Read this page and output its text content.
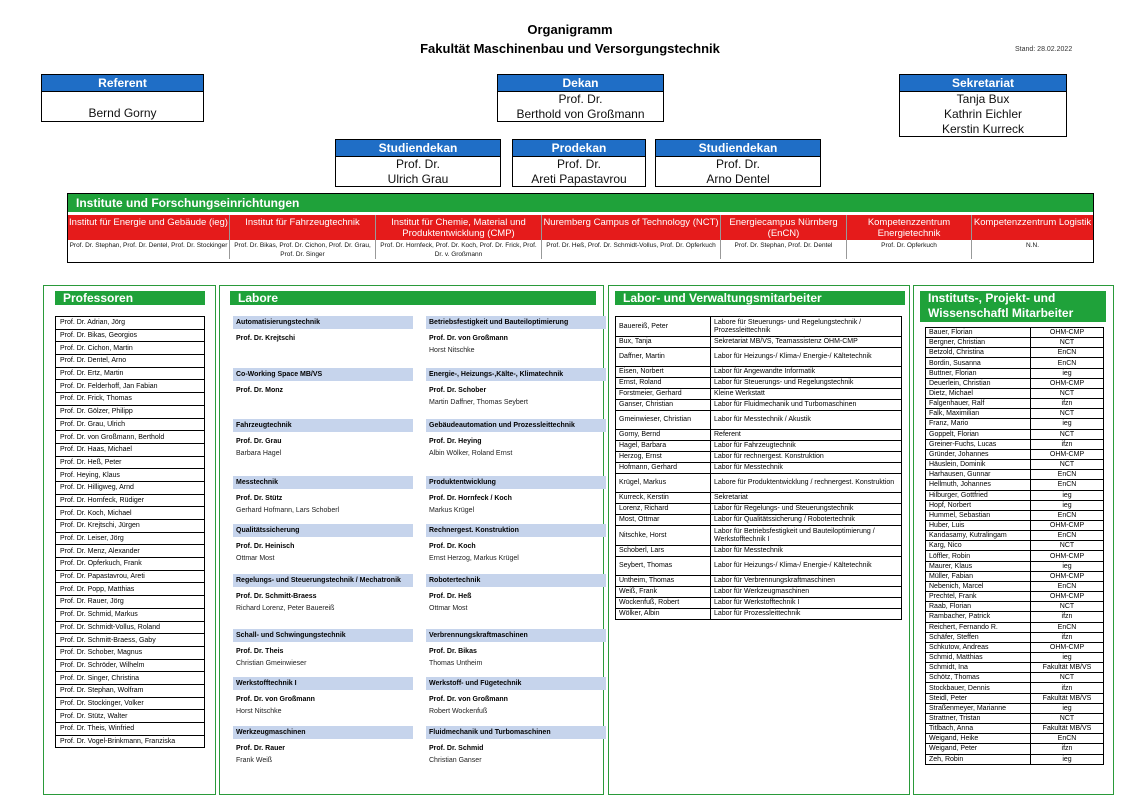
Organigramm
Fakultät Maschinenbau und Versorgungstechnik	Stand: 28.02.2022
Referent
Bernd Gorny
Dekan
Prof. Dr.
Berthold von Großmann
Sekretariat
Tanja Bux
Kathrin Eichler
Kerstin Kurreck
Studiendekan
Prof. Dr.
Ulrich Grau
Prodekan
Prof. Dr.
Areti Papastavrou
Studiendekan
Prof. Dr.
Arno Dentel
Institute und Forschungseinrichtungen
Institut für Energie und Gebäude (ieg)
Prof. Dr. Stephan, Prof. Dr. Dentel, Prof. Dr. Stockinger
Institut für Fahrzeugtechnik
Prof. Dr. Bikas, Prof. Dr. Cichon, Prof. Dr. Grau, Prof. Dr. Singer
Institut für Chemie, Material und Produktentwicklung (CMP)
Prof. Dr. Hornfeck, Prof. Dr. Koch, Prof. Dr. Frick, Prof. Dr. v. Großmann
Nuremberg Campus of Technology (NCT)
Prof. Dr. Heß, Prof. Dr. Schmidt-Vollus, Prof. Dr. Opferkuch
Energiecampus Nürnberg (EnCN)
Prof. Dr. Stephan, Prof. Dr. Dentel
Kompetenzzentrum Energietechnik
Prof. Dr. Opferkuch
Kompetenzzentrum Logistik
N.N.
Professoren
Prof. Dr. Adrian, Jörg
Prof. Dr. Bikas, Georgios
Prof. Dr. Cichon, Martin
Prof. Dr. Dentel, Arno
Prof. Dr. Ertz, Martin
Prof. Dr. Felderhoff, Jan Fabian
Prof. Dr. Frick, Thomas
Prof. Dr. Gölzer, Philipp
Prof. Dr. Grau, Ulrich
Prof. Dr. von Großmann, Berthold
Prof. Dr. Haas, Michael
Prof. Dr. Heß, Peter
Prof. Heying, Klaus
Prof. Dr. Hilligweg, Arnd
Prof. Dr. Hornfeck, Rüdiger
Prof. Dr. Koch, Michael
Prof. Dr. Krejtschi, Jürgen
Prof. Dr. Leiser, Jörg
Prof. Dr. Menz, Alexander
Prof. Dr. Opferkuch, Frank
Prof. Dr. Papastavrou, Areti
Prof. Dr. Popp, Matthias
Prof. Dr. Rauer, Jörg
Prof. Dr. Schmid, Markus
Prof. Dr. Schmidt-Vollus, Roland
Prof. Dr. Schmitt-Braess, Gaby
Prof. Dr. Schober, Magnus
Prof. Dr. Schröder, Wilhelm
Prof. Dr. Singer, Christina
Prof. Dr. Stephan, Wolfram
Prof. Dr. Stockinger, Volker
Prof. Dr. Stütz, Walter
Prof. Dr. Theis, Winfried
Prof. Dr. Vogel-Brinkmann, Franziska
Labore
Automatisierungstechnik
Prof. Dr. Krejtschi
Co-Working Space MB/VS
Prof. Dr. Monz
Fahrzeugtechnik
Prof. Dr. Grau
Barbara Hagel
Messtechnik
Prof. Dr. Stütz
Gerhard Hofmann, Lars Schoberl
Qualitätssicherung
Prof. Dr. Heinisch
Ottmar Most
Regelungs- und Steuerungstechnik / Mechatronik
Prof. Dr. Schmitt-Braess
Richard Lorenz, Peter Bauereiß
Schall- und Schwingungstechnik
Prof. Dr. Theis
Christian Gmeinwieser
Werkstofftechnik I
Prof. Dr. von Großmann
Horst Nitschke
Werkzeugmaschinen
Prof. Dr. Rauer
Frank Weiß
Betriebsfestigkeit und Bauteiloptimierung
Prof. Dr. von Großmann
Horst Nitschke
Energie-, Heizungs-,Kälte-, Klimatechnik
Prof. Dr. Schober
Martin Daffner, Thomas Seybert
Gebäudeautomation und Prozessleittechnik
Prof. Dr. Heying
Albin Wölker, Roland Ernst
Produktentwicklung
Prof. Dr. Hornfeck / Koch
Markus Krügel
Rechnergest. Konstruktion
Prof. Dr. Koch
Ernst Herzog, Markus Krügel
Robotertechnik
Prof. Dr. Heß
Ottmar Most
Verbrennungskraftmaschinen
Prof. Dr. Bikas
Thomas Untheim
Werkstoff- und Fügetechnik
Prof. Dr. von Großmann
Robert Wockenfuß
Fluidmechanik und Turbomaschinen
Prof. Dr. Schmid
Christian Ganser
Labor- und Verwaltungsmitarbeiter
Bauereiß, Peter	Labore für Steuerungs- und Regelungstechnik / Prozessleittechnik
Bux, Tanja	Sekretariat MB/VS, Teamassistenz OHM-CMP
Daffner, Martin	Labor für Heizungs-/ Klima-/ Energie-/ Kältetechnik
Eisen, Norbert	Labor für Angewandte Informatik
Ernst, Roland	Labor für Steuerungs- und Regelungstechnik
Forstmeier, Gerhard	Kleine Werkstatt
Ganser, Christian	Labor für Fluidmechanik und Turbomaschinen
Gmeinwieser, Christian	Labor für Messtechnik / Akustik
Gorny, Bernd	Referent
Hagel, Barbara	Labor für Fahrzeugtechnik
Herzog, Ernst	Labor für rechnergest. Konstruktion
Hofmann, Gerhard	Labor für Messtechnik
Krügel, Markus	Labore für Produktentwicklung / rechnergest. Konstruktion
Kurreck, Kerstin	Sekretariat
Lorenz, Richard	Labor für Regelungs- und Steuerungstechnik
Most, Ottmar	Labor für Qualitätssicherung / Robotertechnik
Nitschke, Horst	Labor für Betriebsfestigkeit und Bauteiloptimierung / Werkstofftechnik I
Schoberl, Lars	Labor für Messtechnik
Seybert, Thomas	Labor für Heizungs-/ Klima-/ Energie-/ Kältetechnik
Untheim, Thomas	Labor für Verbrennungskraftmaschinen
Weiß, Frank	Labor für Werkzeugmaschinen
Wockenfuß, Robert	Labor für Werkstofftechnik I
Wölker, Albin	Labor für Prozessleittechnik
Instituts-, Projekt- und
Wissenschaftl Mitarbeiter
Bauer, Florian	OHM-CMP
Bergner, Christian	NCT
Betzold, Christina	EnCN
Bordin, Susanna	EnCN
Buttner, Florian	ieg
Deuerlein, Christian	OHM-CMP
Dietz, Michael	NCT
Falgenhauer, Ralf	ifzn
Falk, Maximilian	NCT
Franz, Mario	ieg
Goppelt, Florian	NCT
Greiner-Fuchs, Lucas	ifzn
Gründer, Johannes	OHM-CMP
Häuslein, Dominik	NCT
Harhausen, Gunnar	EnCN
Hellmuth, Johannes	EnCN
Hilburger, Gottfried	ieg
Hopf, Norbert	ieg
Hummel, Sebastian	EnCN
Huber, Luis	OHM-CMP
Kandasamy, Kutralingam	EnCN
Karg, Nico	NCT
Löffler, Robin	OHM-CMP
Maurer, Klaus	ieg
Müller, Fabian	OHM-CMP
Nebenich, Marcel	EnCN
Prechtel, Frank	OHM-CMP
Raab, Florian	NCT
Rambacher, Patrick	ifzn
Reichert, Fernando R.	EnCN
Schäfer, Steffen	ifzn
Schkutow, Andreas	OHM-CMP
Schmid, Matthias	ieg
Schmidt, Ina	Fakultät MB/VS
Schötz, Thomas	NCT
Stockbauer, Dennis	ifzn
Steidl, Peter	Fakultät MB/VS
Straßenmeyer, Marianne	ieg
Strattner, Tristan	NCT
Titlbach, Anna	Fakultät MB/VS
Weigand, Heike	EnCN
Weigand, Peter	ifzn
Zeh, Robin	ieg
